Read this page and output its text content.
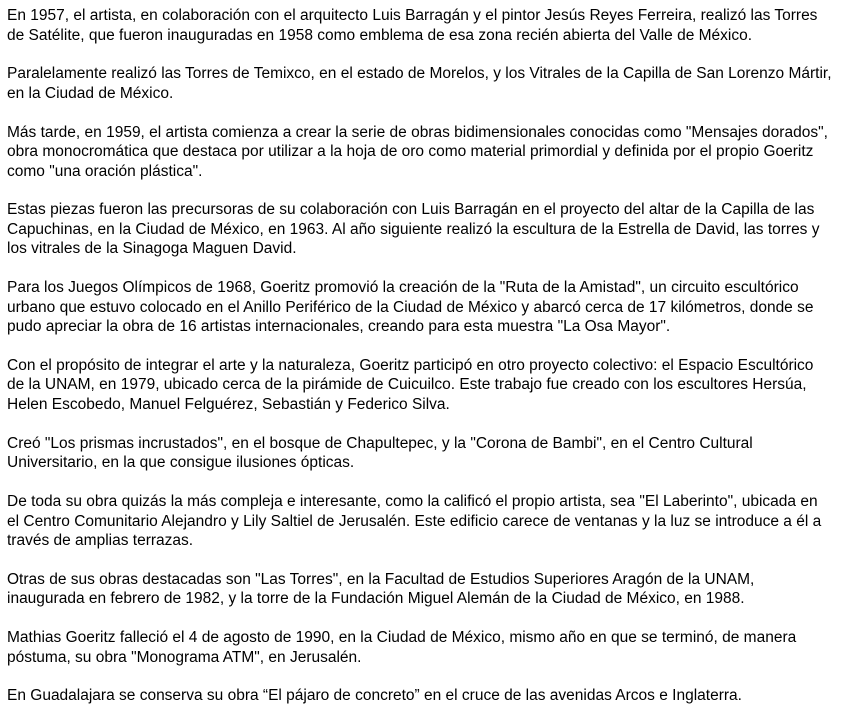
En 1957, el artista, en colaboración con el arquitecto Luis Barragán y el pintor Jesús Reyes Ferreira, realizó las Torres de Satélite, que fueron inauguradas en 1958 como emblema de esa zona recién abierta del Valle de México.

Paralelamente realizó las Torres de Temixco, en el estado de Morelos, y los Vitrales de la Capilla de San Lorenzo Mártir, en la Ciudad de México.

Más tarde, en 1959, el artista comienza a crear la serie de obras bidimensionales conocidas como "Mensajes dorados", obra monocromática que destaca por utilizar a la hoja de oro como material primordial y definida por el propio Goeritz como "una oración plástica".

Estas piezas fueron las precursoras de su colaboración con Luis Barragán en el proyecto del altar de la Capilla de las Capuchinas, en la Ciudad de México, en 1963. Al año siguiente realizó la escultura de la Estrella de David, las torres y los vitrales de la Sinagoga Maguen David.

Para los Juegos Olímpicos de 1968, Goeritz promovió la creación de la "Ruta de la Amistad", un circuito escultórico urbano que estuvo colocado en el Anillo Periférico de la Ciudad de México y abarcó cerca de 17 kilómetros, donde se pudo apreciar la obra de 16 artistas internacionales, creando para esta muestra "La Osa Mayor".

Con el propósito de integrar el arte y la naturaleza, Goeritz participó en otro proyecto colectivo: el Espacio Escultórico de la UNAM, en 1979, ubicado cerca de la pirámide de Cuicuilco. Este trabajo fue creado con los escultores Hersúa, Helen Escobedo, Manuel Felguérez, Sebastián y Federico Silva.

Creó "Los prismas incrustados", en el bosque de Chapultepec, y la "Corona de Bambi", en el Centro Cultural Universitario, en la que consigue ilusiones ópticas.

De toda su obra quizás la más compleja e interesante, como la calificó el propio artista, sea "El Laberinto", ubicada en el Centro Comunitario Alejandro y Lily Saltiel de Jerusalén. Este edificio carece de ventanas y la luz se introduce a él a través de amplias terrazas.

Otras de sus obras destacadas son "Las Torres", en la Facultad de Estudios Superiores Aragón de la UNAM, inaugurada en febrero de 1982, y la torre de la Fundación Miguel Alemán de la Ciudad de México, en 1988.

Mathias Goeritz falleció el 4 de agosto de 1990, en la Ciudad de México, mismo año en que se terminó, de manera póstuma, su obra "Monograma ATM", en Jerusalén.

En Guadalajara se conserva su obra “El pájaro de concreto” en el cruce de las avenidas Arcos e Inglaterra.
